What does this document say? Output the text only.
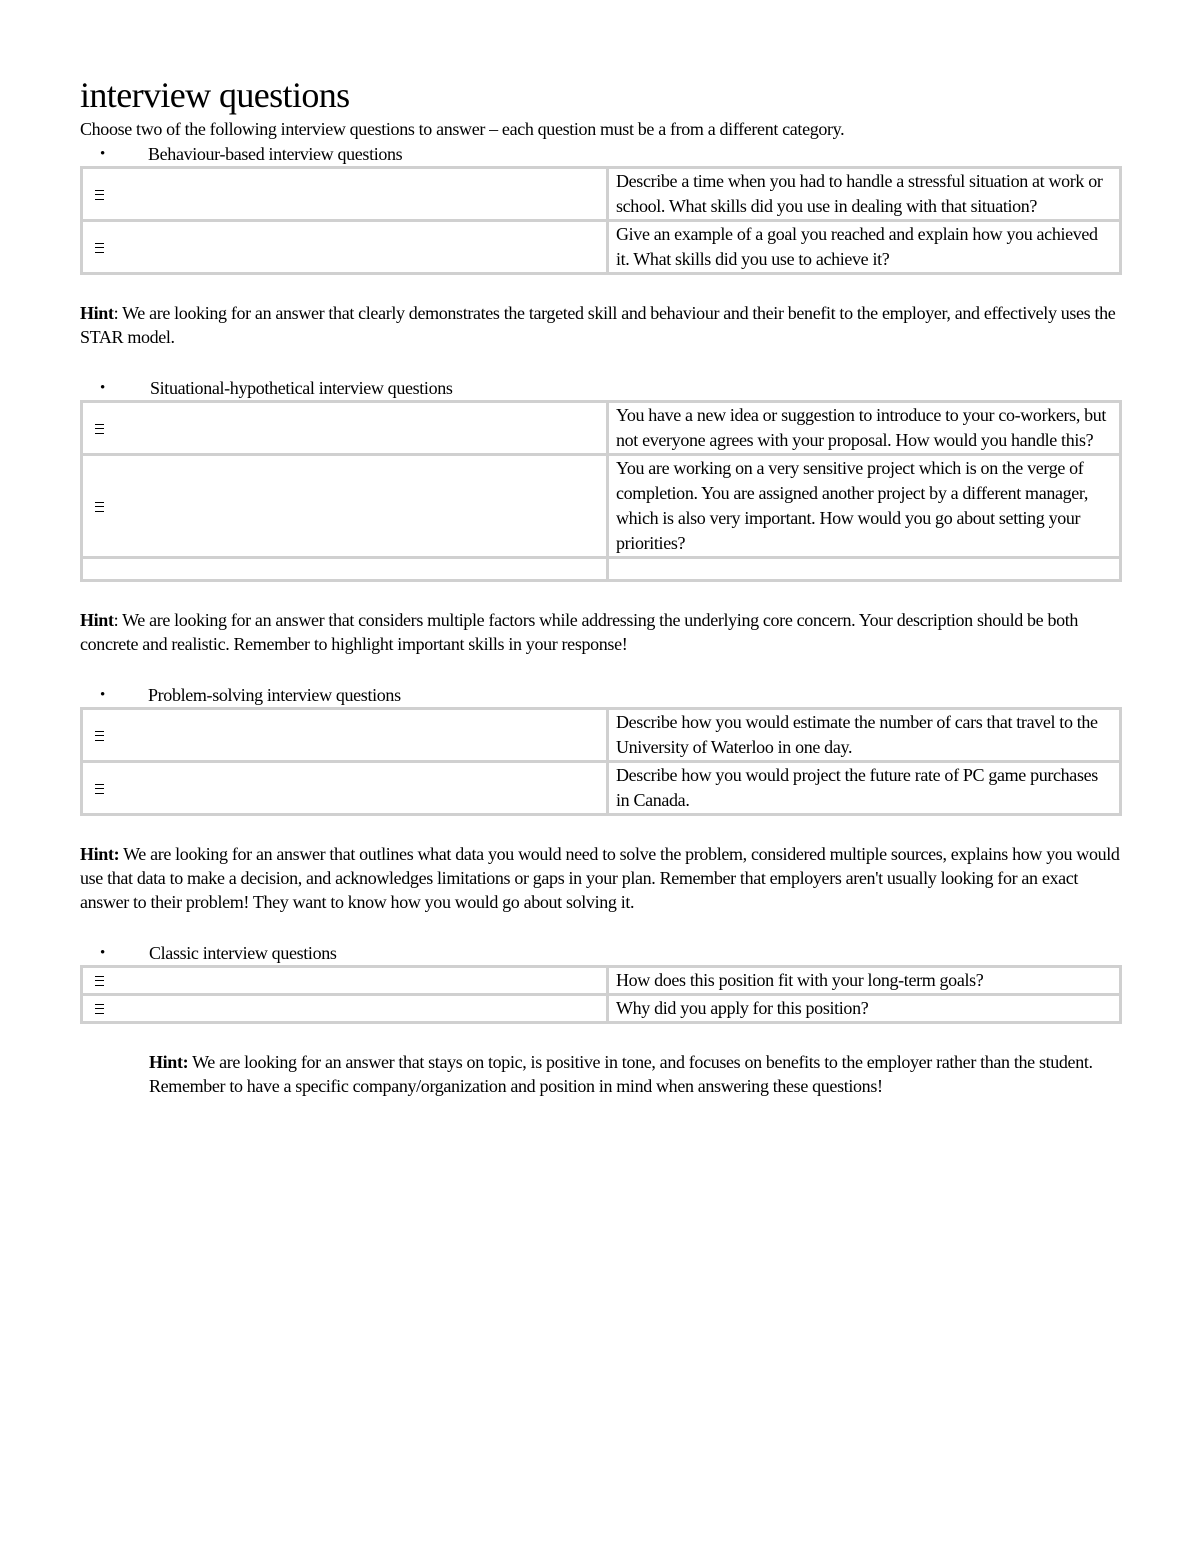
interview questions

Choose two of the following interview questions to answer – each question must be a from a different category.

• Behaviour-based interview questions
	Describe a time when you had to handle a stressful situation at work or school. What skills did you use in dealing with that situation?
	Give an example of a goal you reached and explain how you achieved it. What skills did you use to achieve it?

Hint: We are looking for an answer that clearly demonstrates the targeted skill and behaviour and their benefit to the employer, and effectively uses the STAR model.

•	Situational-hypothetical interview questions
	You have a new idea or suggestion to introduce to your co-workers, but not everyone agrees with your proposal. How would you handle this?
	You are working on a very sensitive project which is on the verge of completion. You are assigned another project by a different manager, which is also very important. How would you go about setting your priorities?

Hint: We are looking for an answer that considers multiple factors while addressing the underlying core concern. Your description should be both concrete and realistic. Remember to highlight important skills in your response!

• Problem-solving interview questions
	Describe how you would estimate the number of cars that travel to the University of Waterloo in one day.
	Describe how you would project the future rate of PC game purchases in Canada.

Hint: We are looking for an answer that outlines what data you would need to solve the problem, considered multiple sources, explains how you would use that data to make a decision, and acknowledges limitations or gaps in your plan. Remember that employers aren't usually looking for an exact answer to their problem! They want to know how you would go about solving it.

• Classic interview questions
	How does this position fit with your long-term goals?
	Why did you apply for this position?

Hint: We are looking for an answer that stays on topic, is positive in tone, and focuses on benefits to the employer rather than the student. Remember to have a specific company/organization and position in mind when answering these questions!
